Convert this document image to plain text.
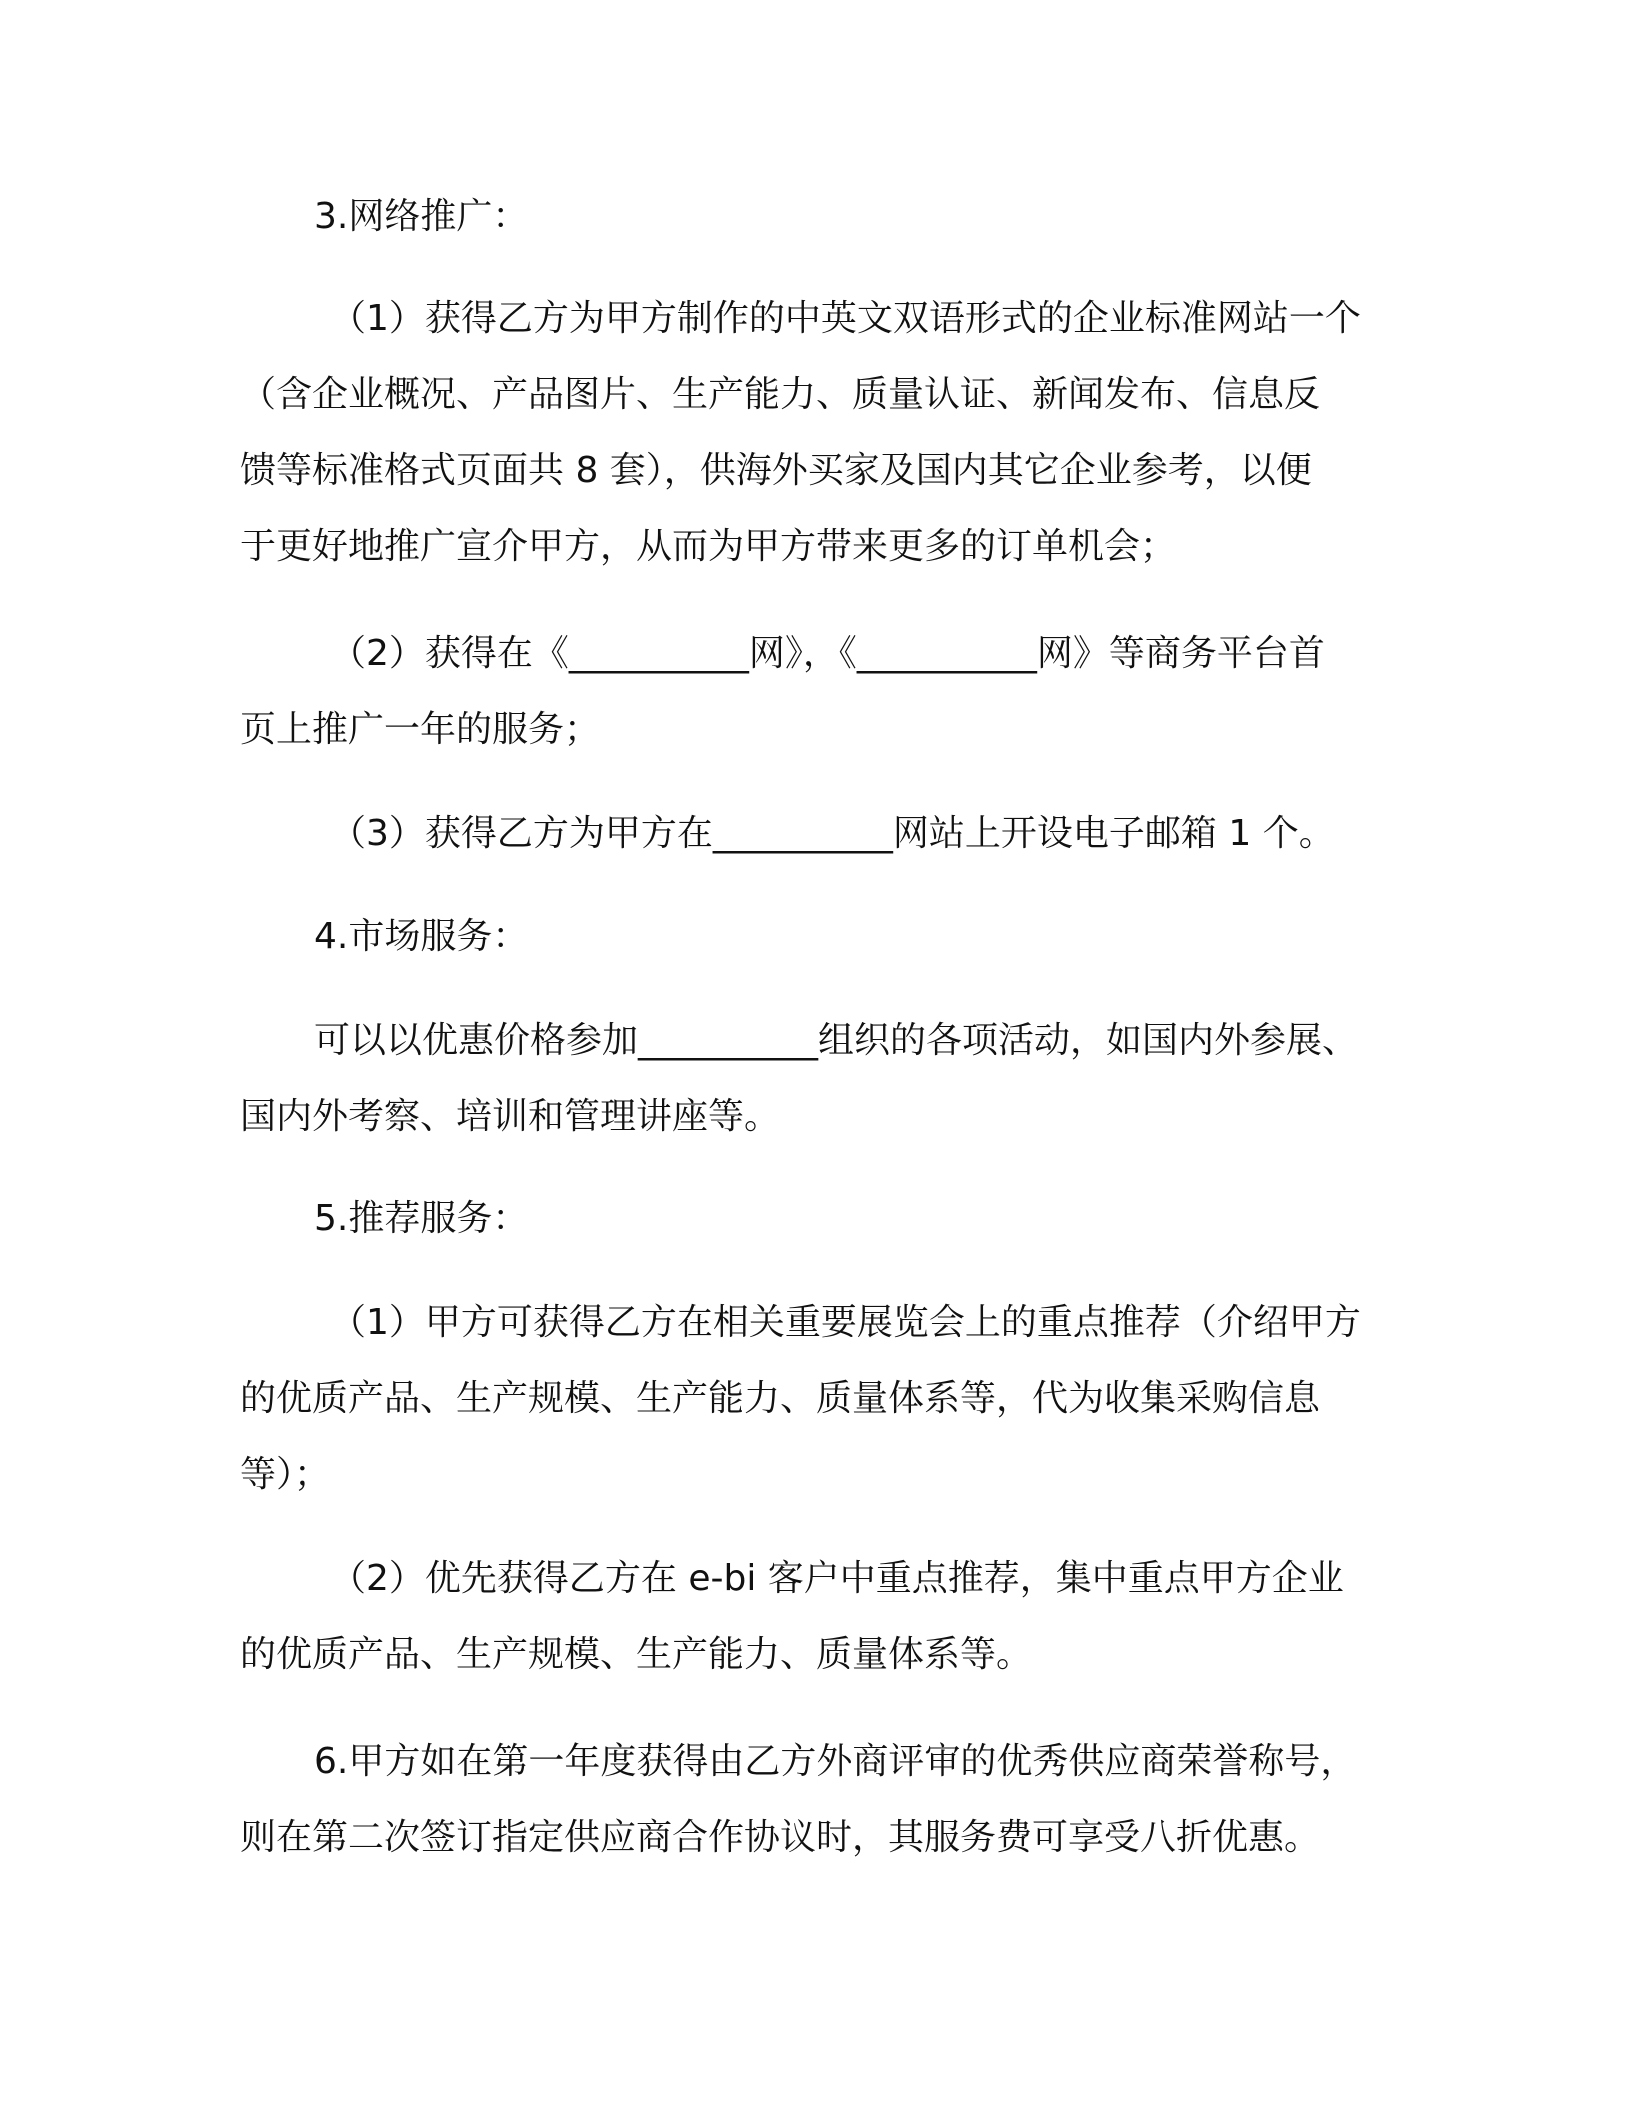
3.网络推广：
（1）获得乙方为甲方制作的中英文双语形式的企业标准网站一个
（含企业概况、产品图片、生产能力、质量认证、新闻发布、信息反
馈等标准格式页面共 8 套），供海外买家及国内其它企业参考，以便
于更好地推广宣介甲方，从而为甲方带来更多的订单机会；
（2）获得在《__________网》，《__________网》等商务平台首
页上推广一年的服务；
（3）获得乙方为甲方在__________网站上开设电子邮箱 1 个。
4.市场服务：
可以以优惠价格参加__________组织的各项活动，如国内外参展、
国内外考察、培训和管理讲座等。
5.推荐服务：
（1）甲方可获得乙方在相关重要展览会上的重点推荐（介绍甲方
的优质产品、生产规模、生产能力、质量体系等，代为收集采购信息
等）；
（2）优先获得乙方在 e-bi 客户中重点推荐，集中重点甲方企业
的优质产品、生产规模、生产能力、质量体系等。
6.甲方如在第一年度获得由乙方外商评审的优秀供应商荣誉称号，
则在第二次签订指定供应商合作协议时，其服务费可享受八折优惠。
